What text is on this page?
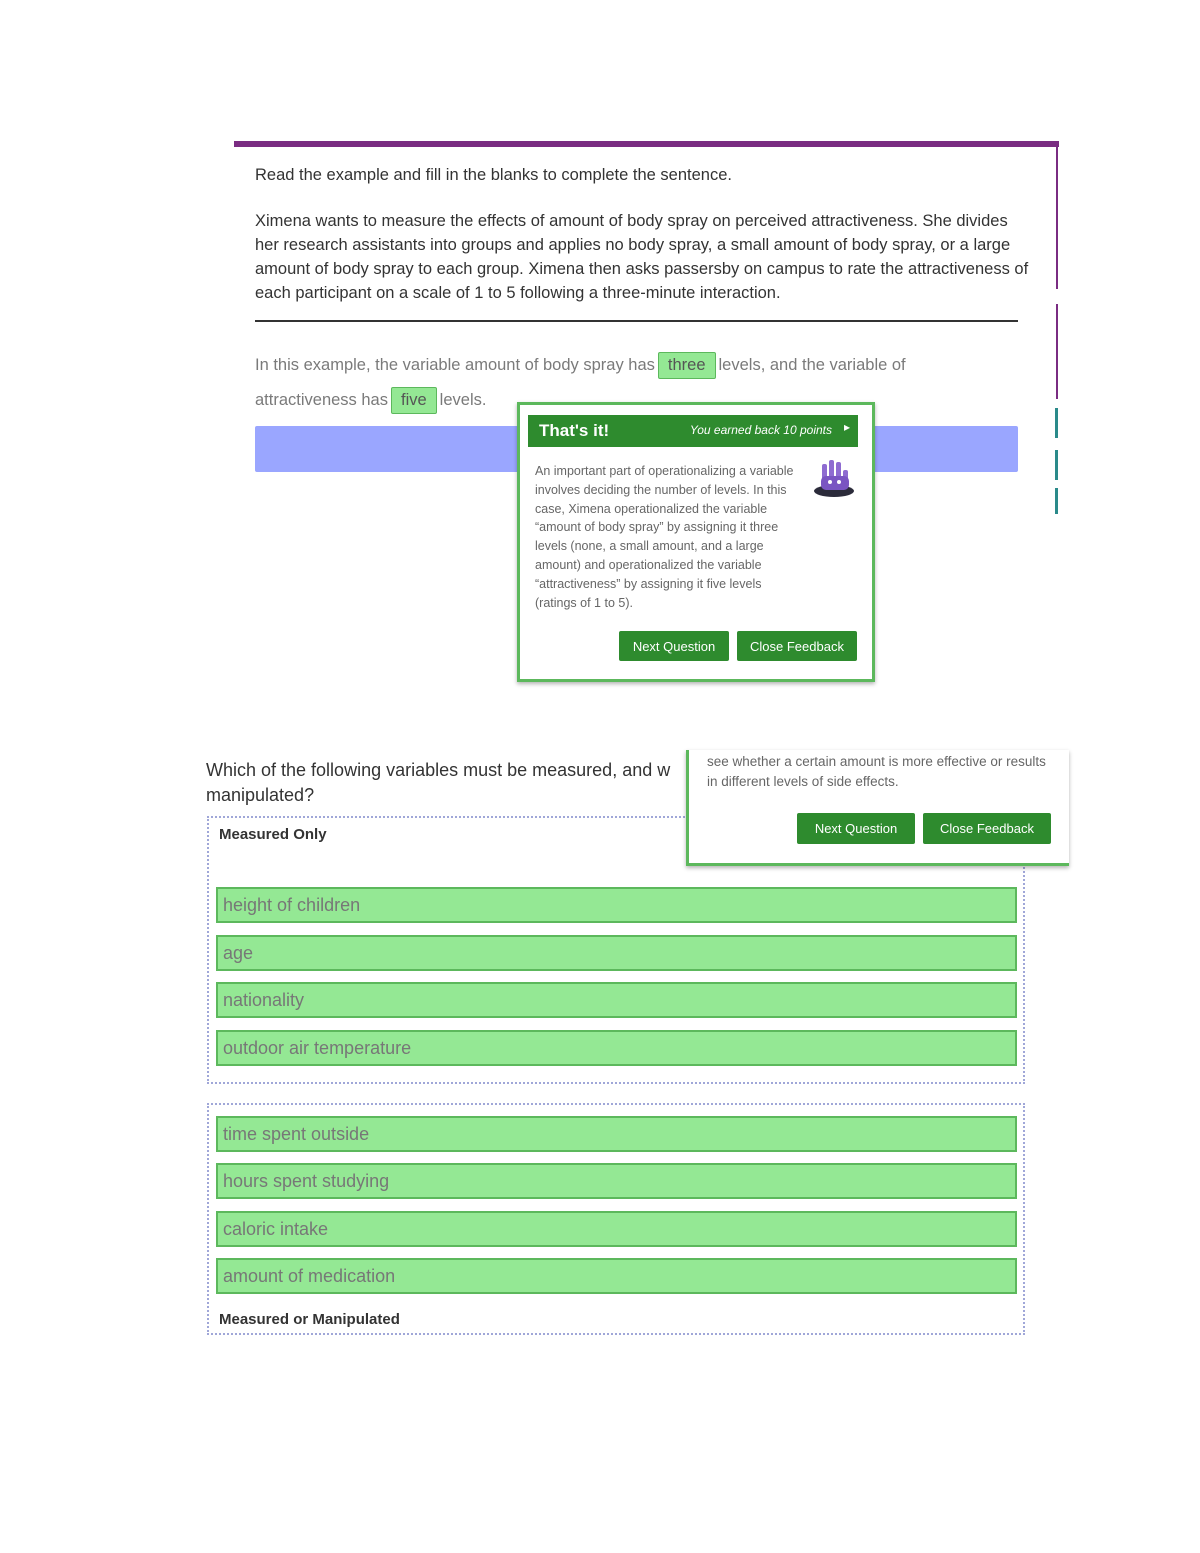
Read the example and fill in the blanks to complete the sentence.
Ximena wants to measure the effects of amount of body spray on perceived attractiveness. She divides her research assistants into groups and applies no body spray, a small amount of body spray, or a large amount of body spray to each group. Ximena then asks passersby on campus to rate the attractiveness of each participant on a scale of 1 to 5 following a three-minute interaction.
In this example, the variable amount of body spray has three levels, and the variable of
attractiveness has five levels.
That's it!	You earned back 10 points ▸
An important part of operationalizing a variable involves deciding the number of levels. In this case, Ximena operationalized the variable “amount of body spray” by assigning it three levels (none, a small amount, and a large amount) and operationalized the variable “attractiveness” by assigning it five levels (ratings of 1 to 5).
Next Question	Close Feedback
Which of the following variables must be measured, and w manipulated?
Measured Only
height of children
age
nationality
outdoor air temperature
time spent outside
hours spent studying
caloric intake
amount of medication
Measured or Manipulated
see whether a certain amount is more effective or results in different levels of side effects.
Next Question	Close Feedback
